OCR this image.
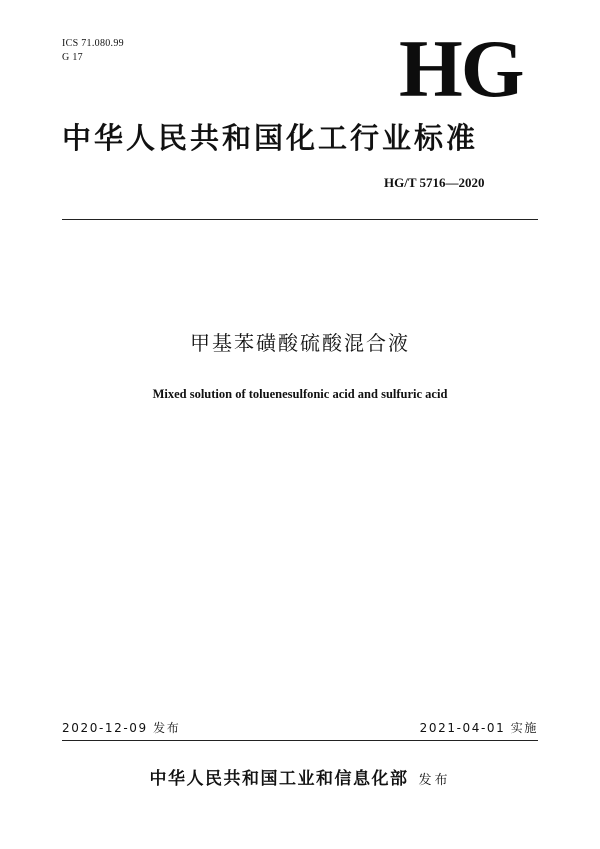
ICS 71.080.99
G 17	HG
中华人民共和国化工行业标准
HG/T 5716—2020
甲基苯磺酸硫酸混合液
Mixed solution of toluenesulfonic acid and sulfuric acid
2020-12-09 发布	2021-04-01 实施
中华人民共和国工业和信息化部 发布
